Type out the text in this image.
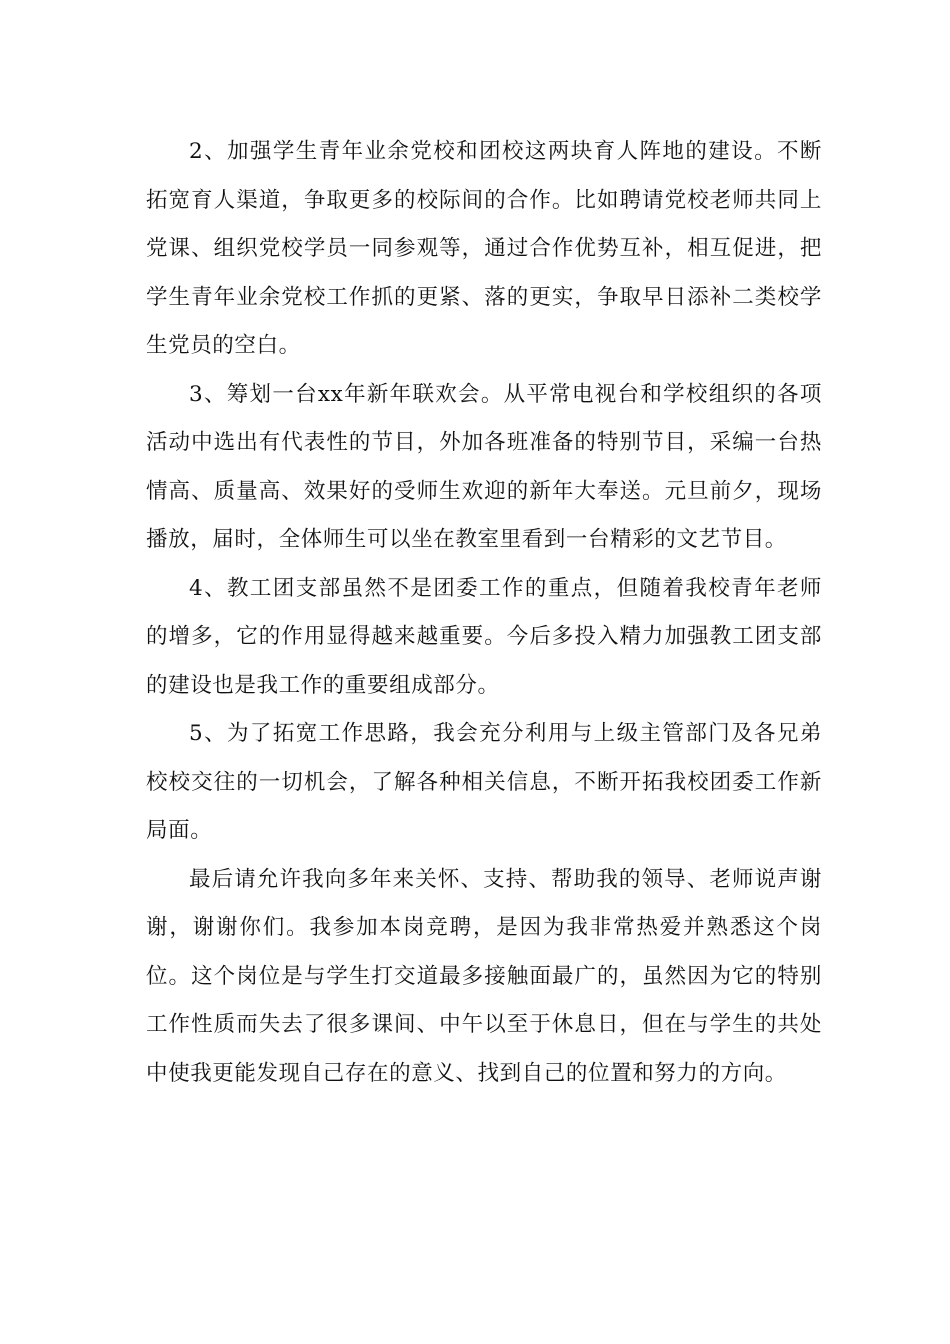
2、加强学生青年业余党校和团校这两块育人阵地的建设。不断拓宽育人渠道，争取更多的校际间的合作。比如聘请党校老师共同上党课、组织党校学员一同参观等，通过合作优势互补，相互促进，把学生青年业余党校工作抓的更紧、落的更实，争取早日添补二类校学生党员的空白。

3、筹划一台xx年新年联欢会。从平常电视台和学校组织的各项活动中选出有代表性的节目，外加各班准备的特别节目，采编一台热情高、质量高、效果好的受师生欢迎的新年大奉送。元旦前夕，现场播放，届时，全体师生可以坐在教室里看到一台精彩的文艺节目。

4、教工团支部虽然不是团委工作的重点，但随着我校青年老师的增多，它的作用显得越来越重要。今后多投入精力加强教工团支部的建设也是我工作的重要组成部分。

5、为了拓宽工作思路，我会充分利用与上级主管部门及各兄弟校校交往的一切机会，了解各种相关信息，不断开拓我校团委工作新局面。

最后请允许我向多年来关怀、支持、帮助我的领导、老师说声谢谢，谢谢你们。我参加本岗竞聘，是因为我非常热爱并熟悉这个岗位。这个岗位是与学生打交道最多接触面最广的，虽然因为它的特别工作性质而失去了很多课间、中午以至于休息日，但在与学生的共处中使我更能发现自己存在的意义、找到自己的位置和努力的方向。
